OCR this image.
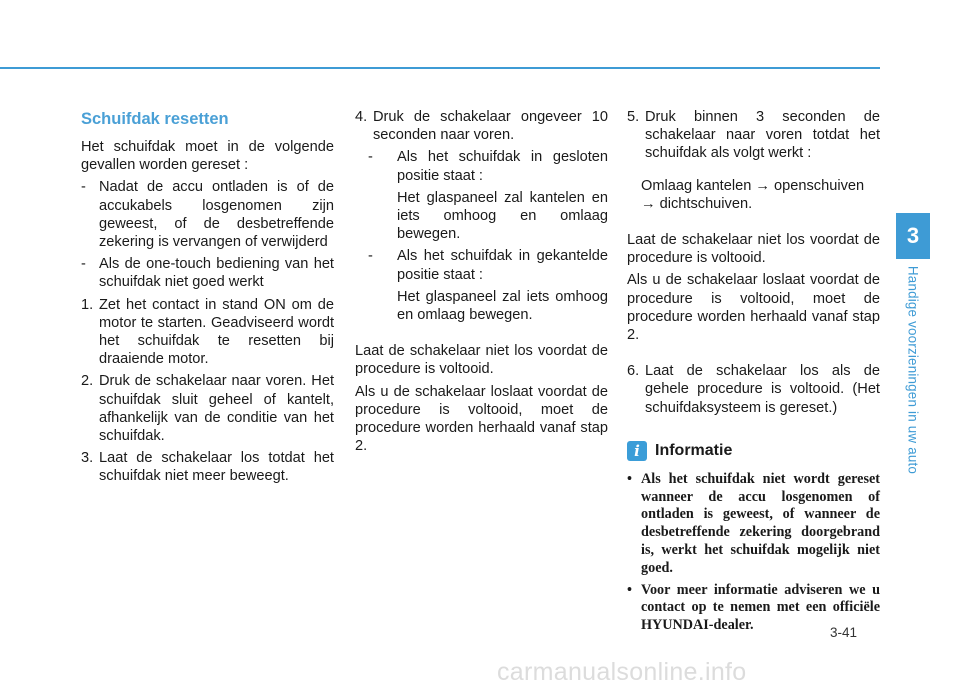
Schuifdak resetten

Het schuifdak moet in de volgende gevallen worden gereset :

- Nadat de accu ontladen is of de accukabels losgenomen zijn geweest, of de desbetreffende zekering is vervangen of verwijderd
- Als de one-touch bediening van het schuifdak niet goed werkt
1. Zet het contact in stand ON om de motor te starten. Geadviseerd wordt het schuifdak te resetten bij draaiende motor.
2. Druk de schakelaar naar voren. Het schuifdak sluit geheel of kantelt, afhankelijk van de conditie van het schuifdak.
3. Laat de schakelaar los totdat het schuifdak niet meer beweegt.
4. Druk de schakelaar ongeveer 10 seconden naar voren.
- Als het schuifdak in gesloten positie staat :

Het glaspaneel zal kantelen en iets omhoog en omlaag bewegen.

- Als het schuifdak in gekantelde positie staat :

Het glaspaneel zal iets omhoog en omlaag bewegen.

Laat de schakelaar niet los voordat de procedure is voltooid.

Als u de schakelaar loslaat voordat de procedure is voltooid, moet de procedure worden herhaald vanaf stap 2.

5. Druk binnen 3 seconden de schakelaar naar voren totdat het schuifdak als volgt werkt :
Omlaag kantelen → openschuiven
→ dichtschuiven.

Laat de schakelaar niet los voordat de procedure is voltooid.

Als u de schakelaar loslaat voordat de procedure is voltooid, moet de procedure worden herhaald vanaf stap 2.

6. Laat de schakelaar los als de gehele procedure is voltooid. (Het schuifdaksysteem is gereset.)
i Informatie
• Als het schuifdak niet wordt gereset wanneer de accu losgenomen of ontladen is geweest, of wanneer de desbetreffende zekering doorgebrand is, werkt het schuifdak mogelijk niet goed.
• Voor meer informatie adviseren we u contact op te nemen met een officiële HYUNDAI-dealer.
3
Handige voorzieningen in uw auto
3-41
carmanualsonline.info
